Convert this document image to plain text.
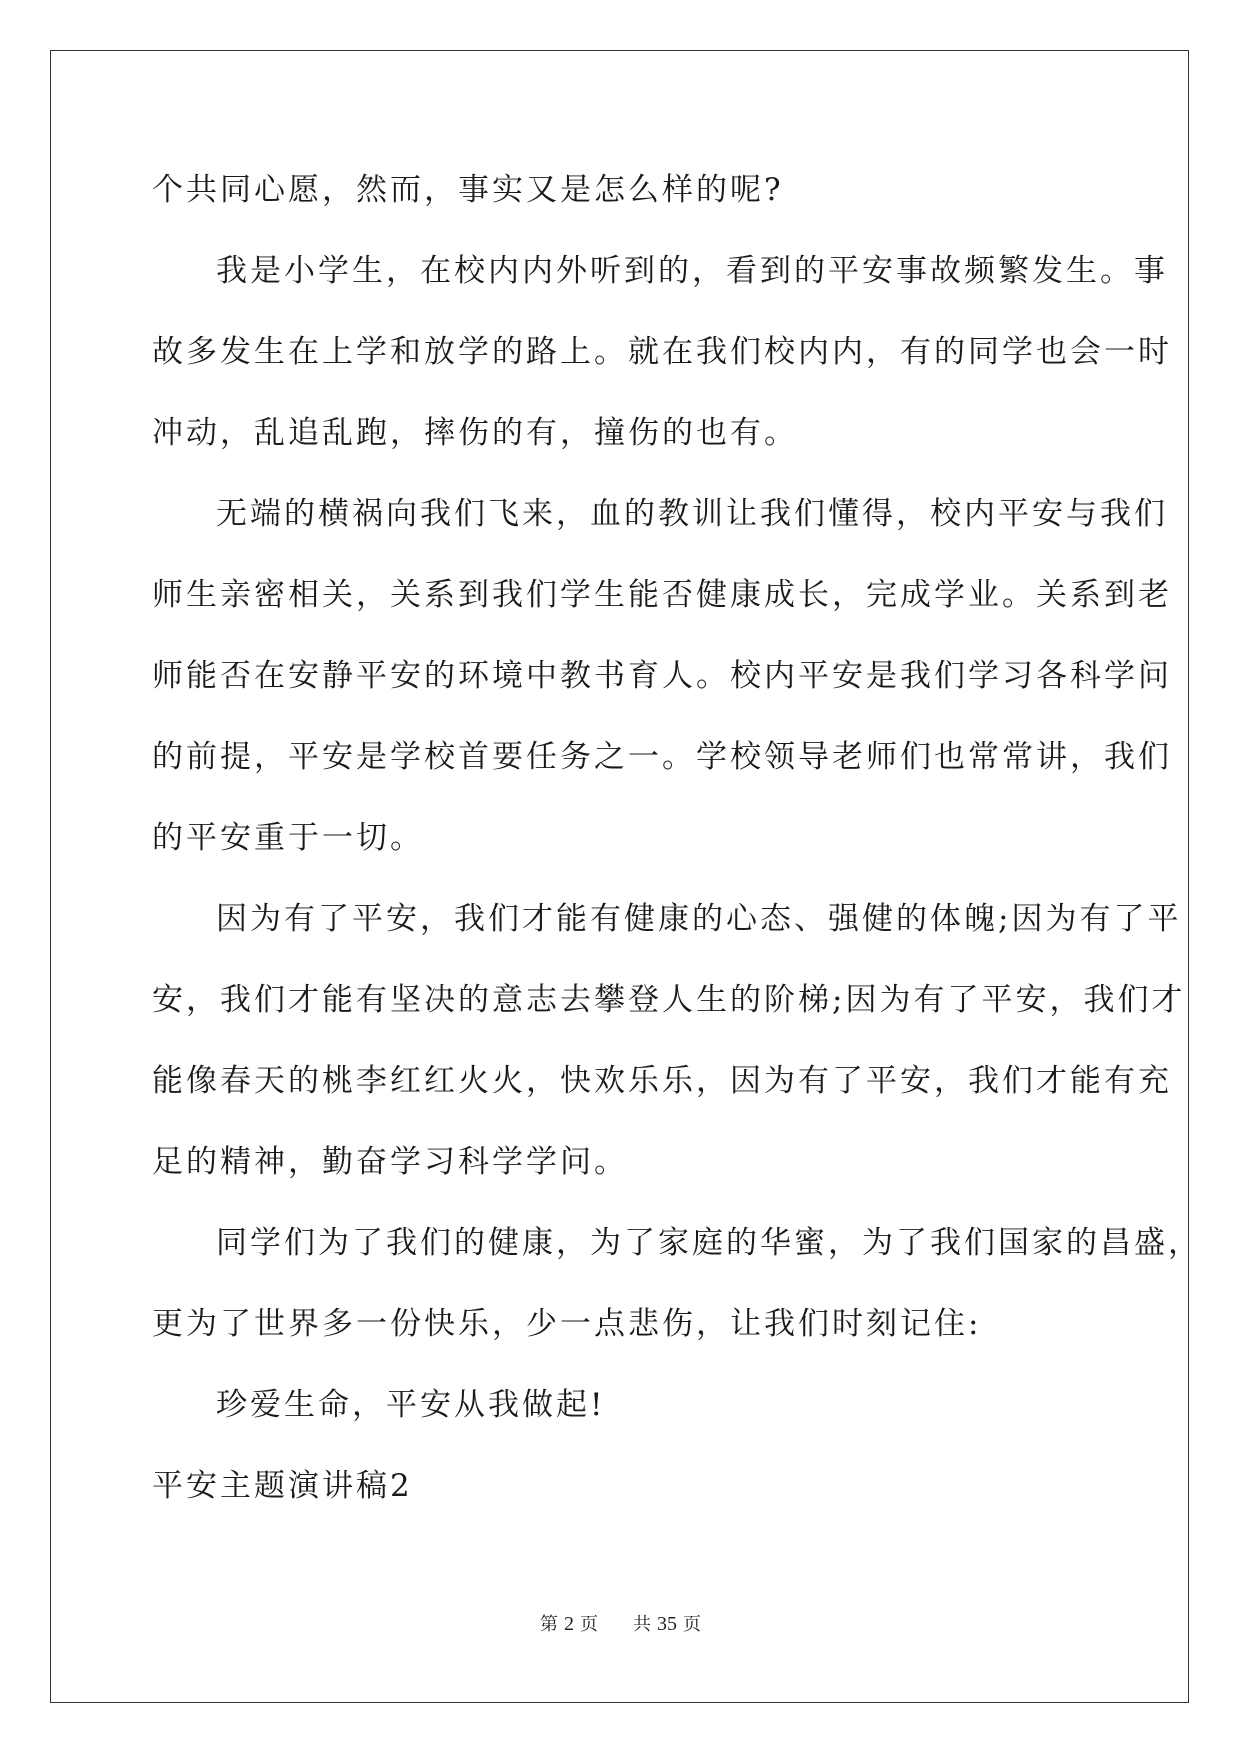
个共同心愿，然而，事实又是怎么样的呢?
我是小学生，在校内内外听到的，看到的平安事故频繁发生。事
故多发生在上学和放学的路上。就在我们校内内，有的同学也会一时
冲动，乱追乱跑，摔伤的有，撞伤的也有。
无端的横祸向我们飞来，血的教训让我们懂得，校内平安与我们
师生亲密相关，关系到我们学生能否健康成长，完成学业。关系到老
师能否在安静平安的环境中教书育人。校内平安是我们学习各科学问
的前提，平安是学校首要任务之一。学校领导老师们也常常讲，我们
的平安重于一切。
因为有了平安，我们才能有健康的心态、强健的体魄;因为有了平
安，我们才能有坚决的意志去攀登人生的阶梯;因为有了平安，我们才
能像春天的桃李红红火火，快欢乐乐，因为有了平安，我们才能有充
足的精神，勤奋学习科学学问。
同学们为了我们的健康，为了家庭的华蜜，为了我们国家的昌盛，
更为了世界多一份快乐，少一点悲伤，让我们时刻记住:
珍爱生命，平安从我做起!
平安主题演讲稿2
第 2 页 共 35 页
